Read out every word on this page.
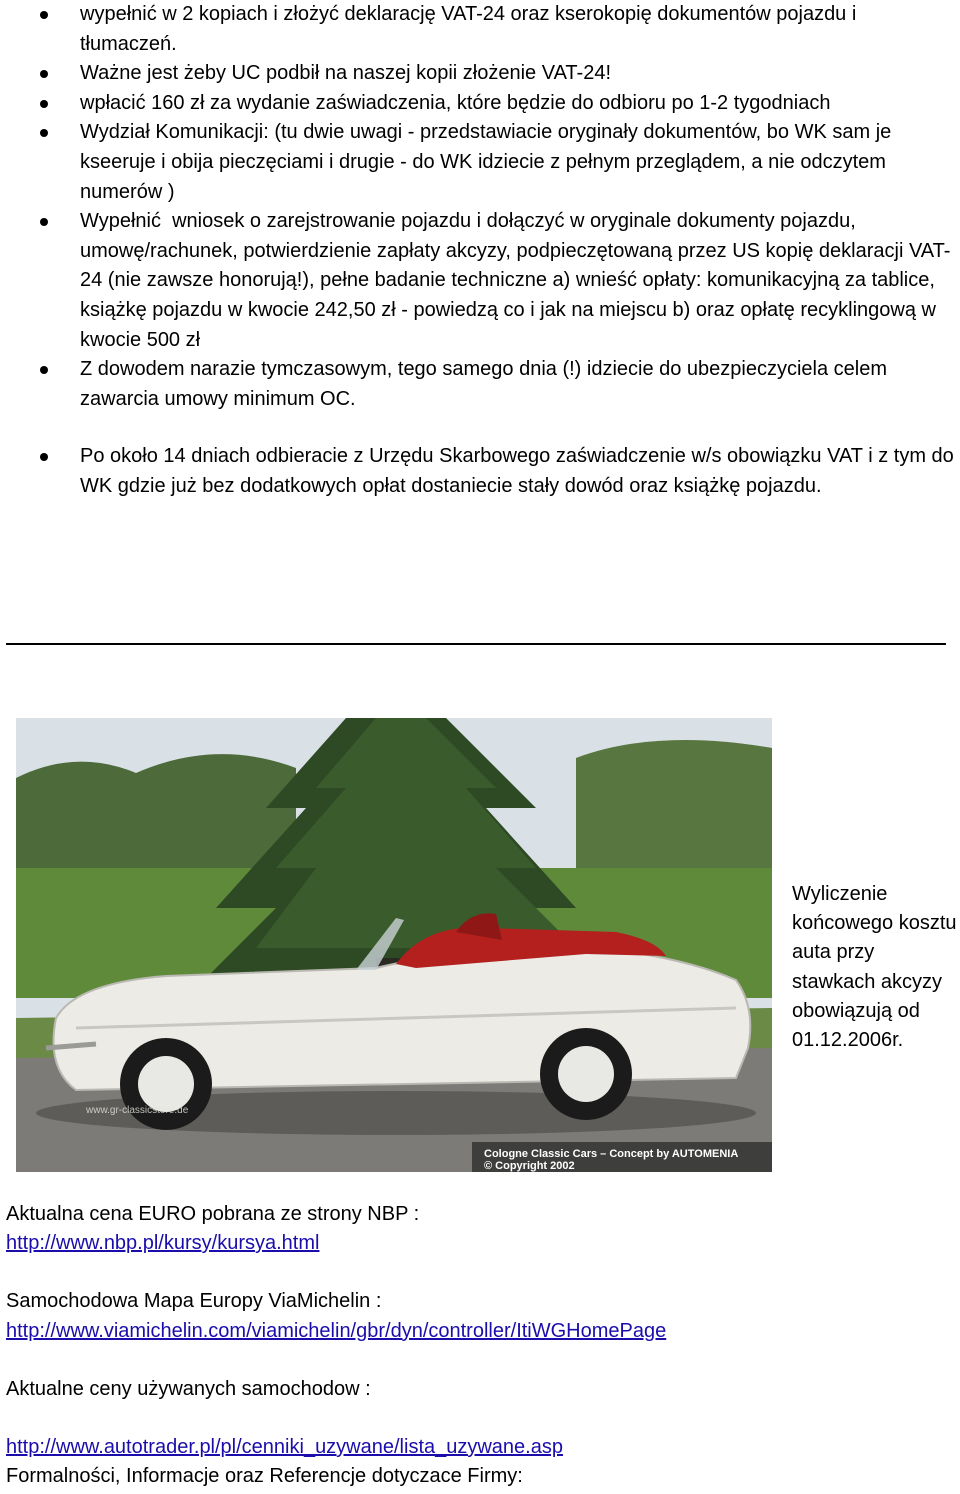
wypełnić w 2 kopiach i złożyć deklarację VAT-24 oraz kserokopię dokumentów pojazdu i tłumaczeń.
Ważne jest żeby UC podbił na naszej kopii złożenie VAT-24!
wpłacić 160 zł za wydanie zaświadczenia, które będzie do odbioru po 1-2 tygodniach
Wydział Komunikacji: (tu dwie uwagi - przedstawiacie oryginały dokumentów, bo WK sam je kseeruje i obija pieczęciami i drugie - do WK idziecie z pełnym przeglądem, a nie odczytem numerów )
Wypełnić  wniosek o zarejstrowanie pojazdu i dołączyć w oryginale dokumenty pojazdu, umowę/rachunek, potwierdzienie zapłaty akcyzy, podpieczętowaną przez US kopię deklaracji VAT-24 (nie zawsze honorują!), pełne badanie techniczne a) wnieść opłaty: komunikacyjną za tablice, książkę pojazdu w kwocie 242,50 zł - powiedzą co i jak na miejscu b) oraz opłatę recyklingową w kwocie 500 zł
Z dowodem narazie tymczasowym, tego samego dnia (!) idziecie do ubezpieczyciela celem zawarcia umowy minimum OC.
Po około 14 dniach odbieracie z Urzędu Skarbowego zaświadczenie w/s obowiązku VAT i z tym do WK gdzie już bez dodatkowych opłat dostaniecie stały dowód oraz książkę pojazdu.
www.gr-classicstore.de
Cologne Classic Cars – Concept by AUTOMENIA
© Copyright 2002
Wyliczenie końcowego kosztu auta przy stawkach akcyzy obowiązują od 01.12.2006r.

Aktualna cena EURO pobrana ze strony NBP :
http://www.nbp.pl/kursy/kursya.html

Samochodowa Mapa Europy ViaMichelin :
http://www.viamichelin.com/viamichelin/gbr/dyn/controller/ItiWGHomePage

Aktualne ceny używanych samochodow :

http://www.autotrader.pl/pl/cenniki_uzywane/lista_uzywane.asp
Formalności, Informacje oraz Referencje dotyczace Firmy:
